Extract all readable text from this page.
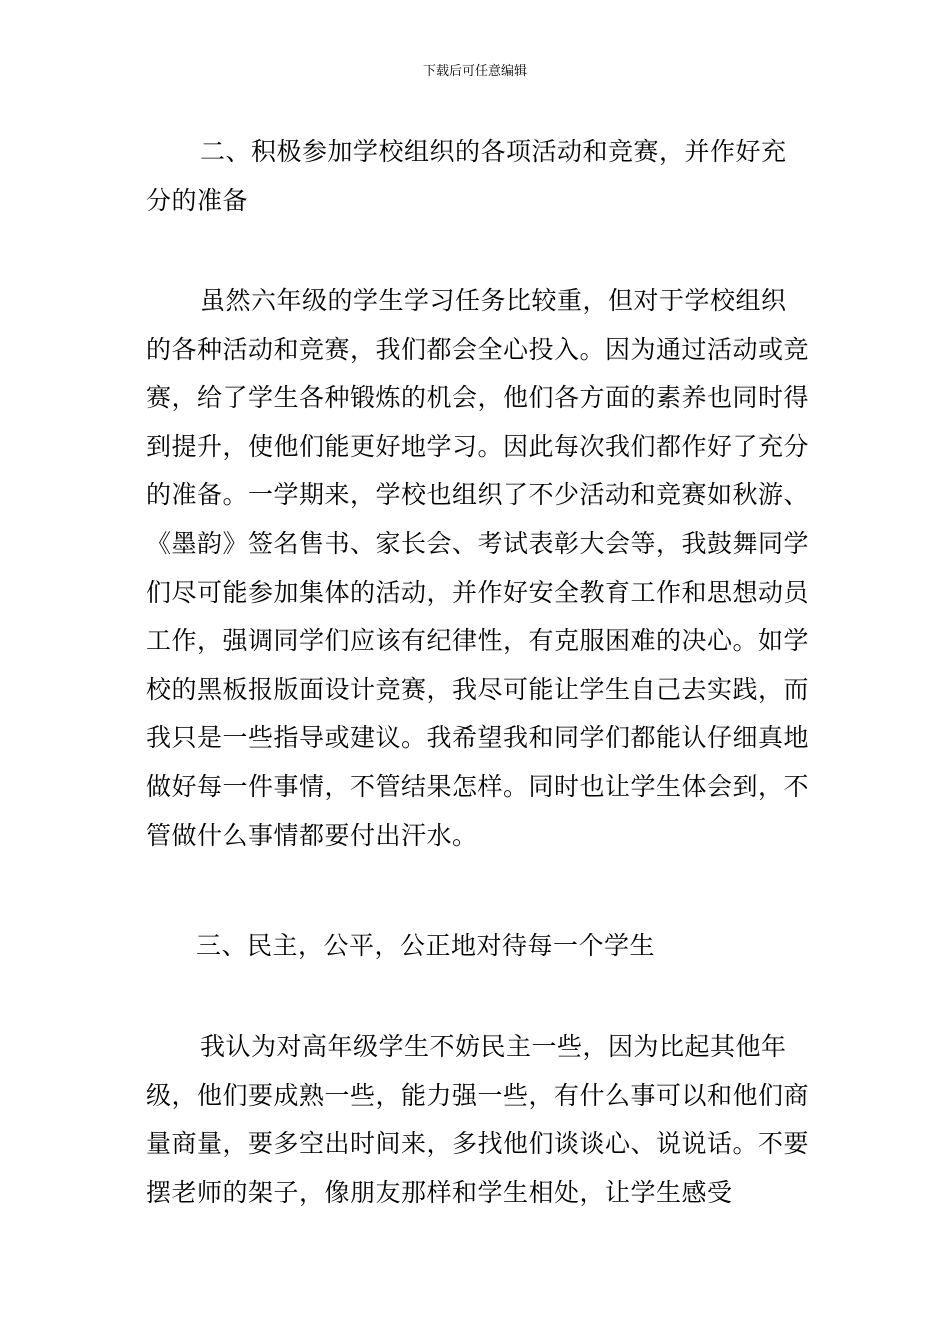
下载后可任意编辑
二、积极参加学校组织的各项活动和竞赛，并作好充分的准备
虽然六年级的学生学习任务比较重，但对于学校组织的各种活动和竞赛，我们都会全心投入。因为通过活动或竞赛，给了学生各种锻炼的机会，他们各方面的素养也同时得到提升，使他们能更好地学习。因此每次我们都作好了充分的准备。一学期来，学校也组织了不少活动和竞赛如秋游、《墨韵》签名售书、家长会、考试表彰大会等，我鼓舞同学们尽可能参加集体的活动，并作好安全教育工作和思想动员工作，强调同学们应该有纪律性，有克服困难的决心。如学校的黑板报版面设计竞赛，我尽可能让学生自己去实践，而我只是一些指导或建议。我希望我和同学们都能认仔细真地做好每一件事情，不管结果怎样。同时也让学生体会到，不管做什么事情都要付出汗水。
三、民主，公平，公正地对待每一个学生
我认为对高年级学生不妨民主一些，因为比起其他年级，他们要成熟一些，能力强一些，有什么事可以和他们商量商量，要多空出时间来，多找他们谈谈心、说说话。不要摆老师的架子，像朋友那样和学生相处，让学生感受
